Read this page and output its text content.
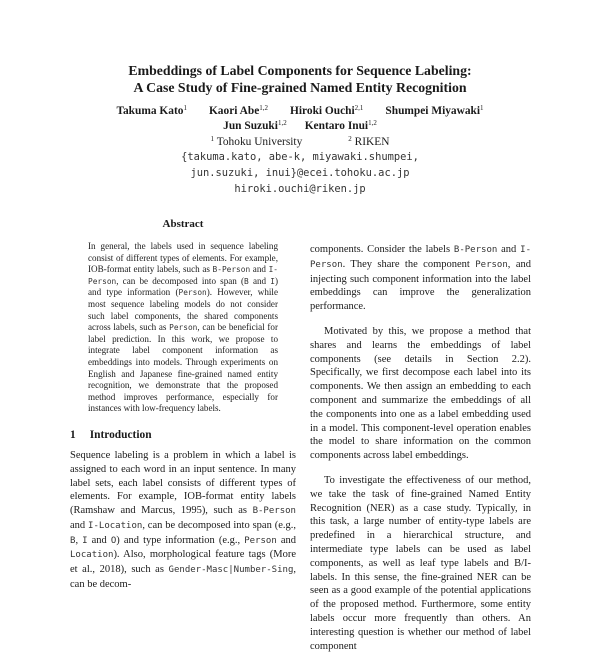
Embeddings of Label Components for Sequence Labeling:
A Case Study of Fine-grained Named Entity Recognition
Takuma Kato$^1$ Kaori Abe$^{1,2}$ Hiroki Ouchi$^{2,1}$ Shumpei Miyawaki$^1$
Jun Suzuki$^{1,2}$ Kentaro Inui$^{1,2}$
$^1$ Tohoku University	$^2$ RIKEN
{takuma.kato, abe-k, miyawaki.shumpei,
jun.suzuki, inui}@ecei.tohoku.ac.jp
hiroki.ouchi@riken.jp
Abstract
In general, the labels used in sequence labeling consist of different types of elements. For example, IOB-format entity labels, such as B-Person and I-Person, can be decomposed into span (B and I) and type information (Person). However, while most sequence labeling models do not consider such label components, the shared components across labels, such as Person, can be beneficial for label prediction. In this work, we propose to integrate label component information as embeddings into models. Through experiments on English and Japanese fine-grained named entity recognition, we demonstrate that the proposed method improves performance, especially for instances with low-frequency labels.
1 Introduction
Sequence labeling is a problem in which a label is assigned to each word in an input sentence. In many label sets, each label consists of different types of elements. For example, IOB-format entity labels (Ramshaw and Marcus, 1995), such as B-Person and I-Location, can be decomposed into span (e.g., B, I and O) and type information (e.g., Person and Location). Also, morphological feature tags (More et al., 2018), such as Gender-Masc|Number-Sing, can be decom-
components. Consider the labels B-Person and I-Person. They share the component Person, and injecting such component information into the label embeddings can improve the generalization performance.
Motivated by this, we propose a method that shares and learns the embeddings of label components (see details in Section 2.2). Specifically, we first decompose each label into its components. We then assign an embedding to each component and summarize the embeddings of all the components into one as a label embedding used in a model. This component-level operation enables the model to share information on the common components across label embeddings.
To investigate the effectiveness of our method, we take the task of fine-grained Named Entity Recognition (NER) as a case study. Typically, in this task, a large number of entity-type labels are predefined in a hierarchical structure, and intermediate type labels can be used as label components, as well as leaf type labels and B/I-labels. In this sense, the fine-grained NER can be seen as a good example of the potential applications of the proposed method. Furthermore, some entity labels occur more frequently than others. An interesting question is whether our method of label component
